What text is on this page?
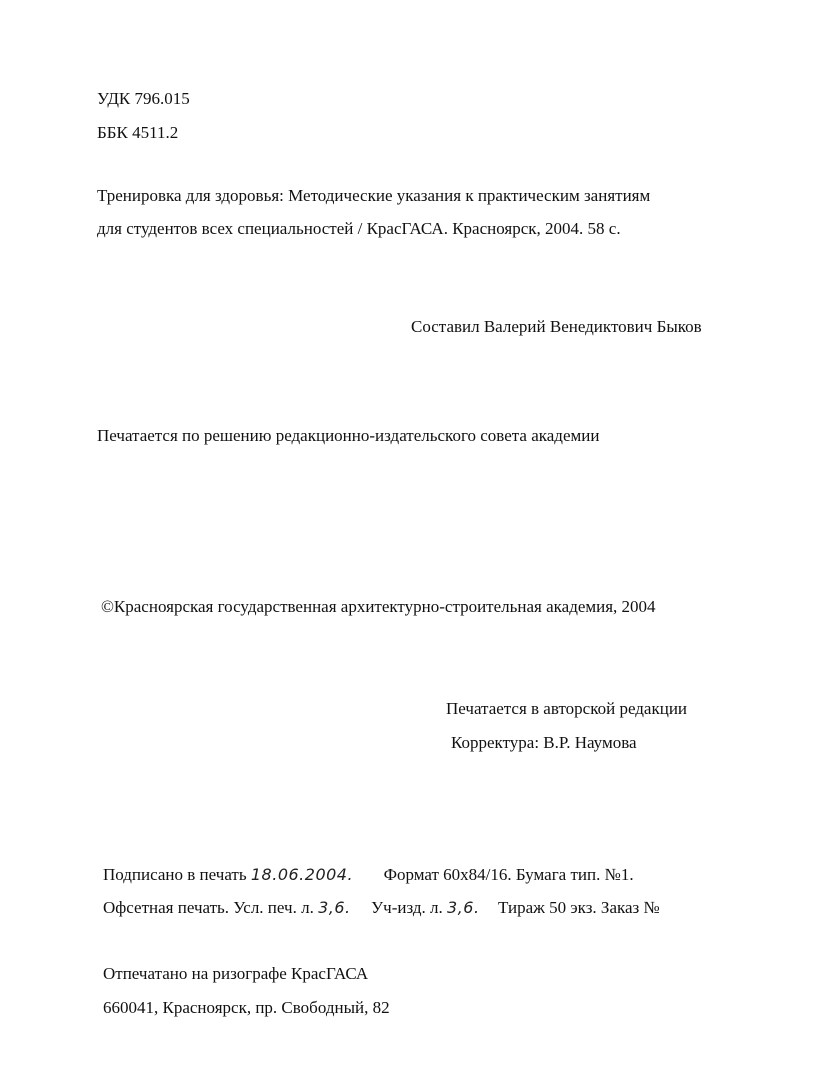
УДК 796.015
ББК 4511.2
Тренировка для здоровья: Методические указания к практическим занятиям
для студентов всех специальностей / КрасГАСА. Красноярск, 2004. 58 с.
Составил Валерий Венедиктович Быков
Печатается по решению редакционно-издательского совета академии
©Красноярская государственная архитектурно-строительная академия, 2004
Печатается в авторской редакции
Корректура: В.Р. Наумова
Подписано в печать 18.06.2004. Формат 60х84/16. Бумага тип. №1.
Офсетная печать. Усл. печ. л. 3,6. Уч-изд. л. 3,6. Тираж 50 экз. Заказ №
Отпечатано на ризографе КрасГАСА
660041, Красноярск, пр. Свободный, 82
